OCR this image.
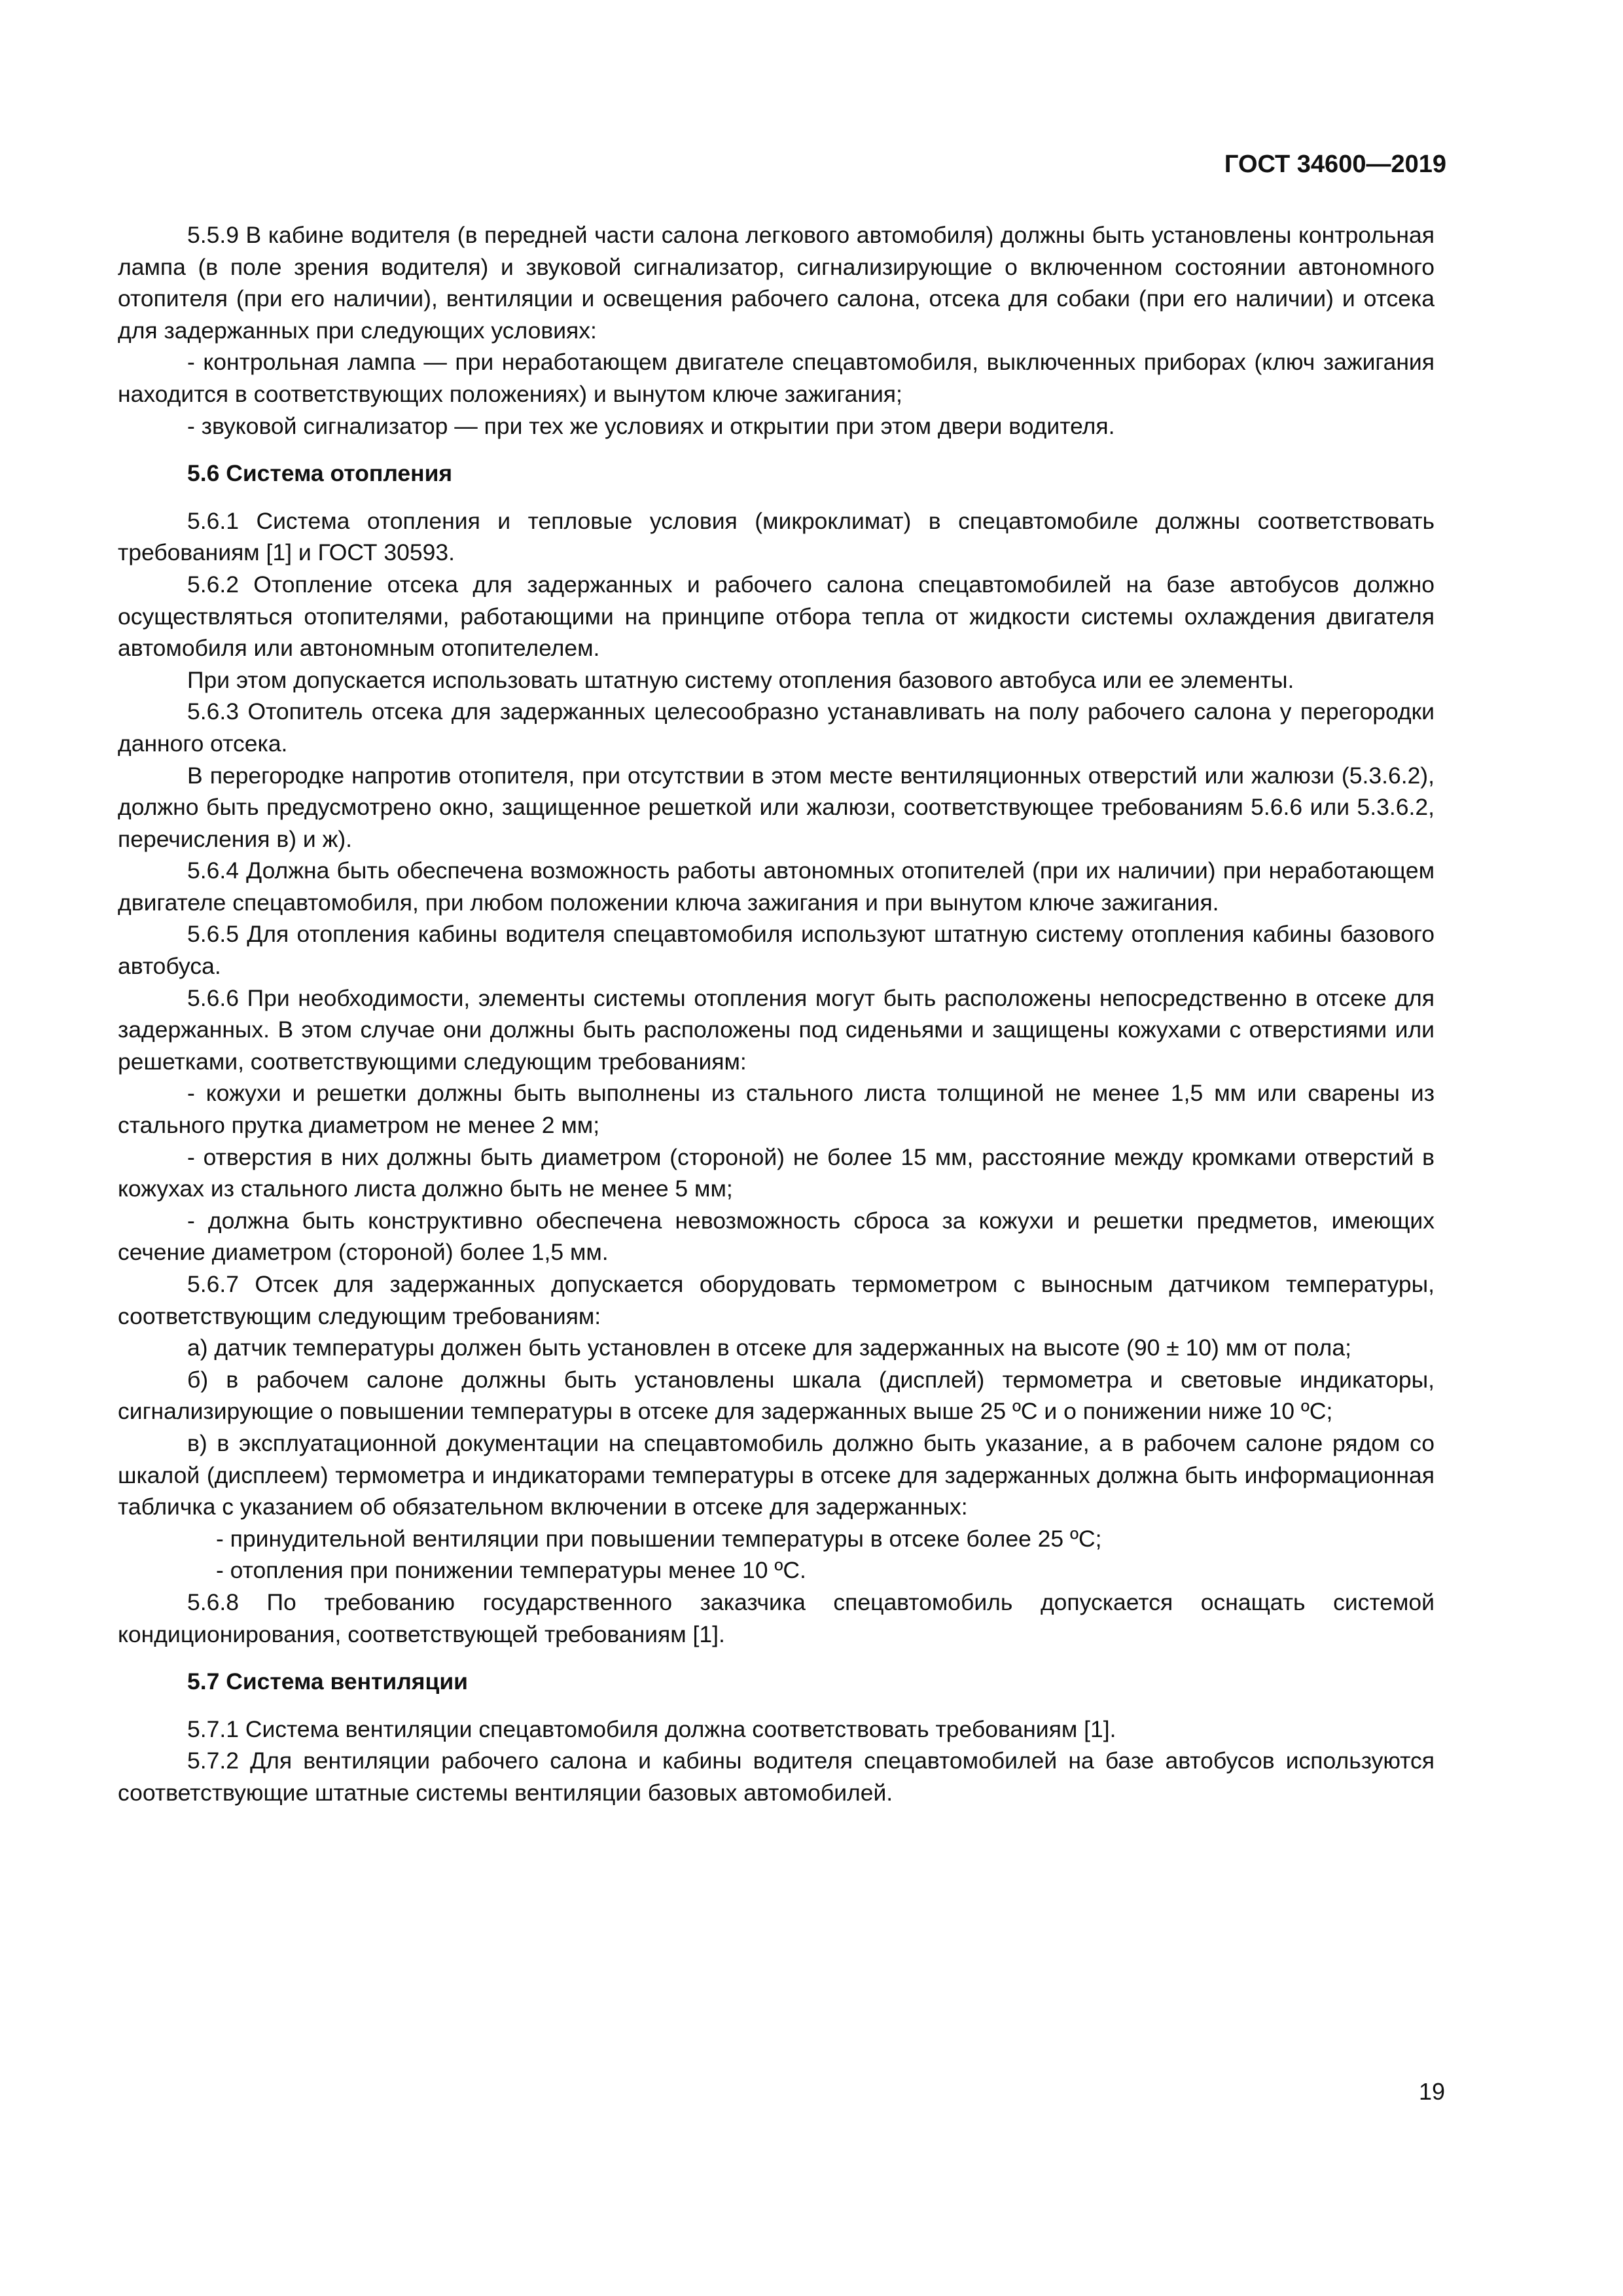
ГОСТ 34600—2019

5.5.9 В кабине водителя (в передней части салона легкового автомобиля) должны быть установлены контрольная лампа (в поле зрения водителя) и звуковой сигнализатор, сигнализирующие о включенном состоянии автономного отопителя (при его наличии), вентиляции и освещения рабочего салона, отсека для собаки (при его наличии) и отсека для задержанных при следующих условиях:

- контрольная лампа — при неработающем двигателе спецавтомобиля, выключенных приборах (ключ зажигания находится в соответствующих положениях) и вынутом ключе зажигания;

- звуковой сигнализатор — при тех же условиях и открытии при этом двери водителя.

5.6 Система отопления

5.6.1 Система отопления и тепловые условия (микроклимат) в спецавтомобиле должны соответствовать требованиям [1] и ГОСТ 30593.

5.6.2 Отопление отсека для задержанных и рабочего салона спецавтомобилей на базе автобусов должно осуществляться отопителями, работающими на принципе отбора тепла от жидкости системы охлаждения двигателя автомобиля или автономным отопителелем.

При этом допускается использовать штатную систему отопления базового автобуса или ее элементы.

5.6.3 Отопитель отсека для задержанных целесообразно устанавливать на полу рабочего салона у перегородки данного отсека.

В перегородке напротив отопителя, при отсутствии в этом месте вентиляционных отверстий или жалюзи (5.3.6.2), должно быть предусмотрено окно, защищенное решеткой или жалюзи, соответствующее требованиям 5.6.6 или 5.3.6.2, перечисления в) и ж).

5.6.4 Должна быть обеспечена возможность работы автономных отопителей (при их наличии) при неработающем двигателе спецавтомобиля, при любом положении ключа зажигания и при вынутом ключе зажигания.

5.6.5 Для отопления кабины водителя спецавтомобиля используют штатную систему отопления кабины базового автобуса.

5.6.6 При необходимости, элементы системы отопления могут быть расположены непосредственно в отсеке для задержанных. В этом случае они должны быть расположены под сиденьями и защищены кожухами с отверстиями или решетками, соответствующими следующим требованиям:

- кожухи и решетки должны быть выполнены из стального листа толщиной не менее 1,5 мм или сварены из стального прутка диаметром не менее 2 мм;

- отверстия в них должны быть диаметром (стороной) не более 15 мм, расстояние между кромками отверстий в кожухах из стального листа должно быть не менее 5 мм;

- должна быть конструктивно обеспечена невозможность сброса за кожухи и решетки предметов, имеющих сечение диаметром (стороной) более 1,5 мм.

5.6.7 Отсек для задержанных допускается оборудовать термометром с выносным датчиком температуры, соответствующим следующим требованиям:

а) датчик температуры должен быть установлен в отсеке для задержанных на высоте (90 ± 10) мм от пола;

б) в рабочем салоне должны быть установлены шкала (дисплей) термометра и световые индикаторы, сигнализирующие о повышении температуры в отсеке для задержанных выше 25 ºС и о понижении ниже 10 ºС;

в) в эксплуатационной документации на спецавтомобиль должно быть указание, а в рабочем салоне рядом со шкалой (дисплеем) термометра и индикаторами температуры в отсеке для задержанных должна быть информационная табличка с указанием об обязательном включении в отсеке для задержанных:

- принудительной вентиляции при повышении температуры в отсеке более 25 ºС;

- отопления при понижении температуры менее 10 ºС.

5.6.8 По требованию государственного заказчика спецавтомобиль допускается оснащать системой кондиционирования, соответствующей требованиям [1].

5.7 Система вентиляции

5.7.1 Система вентиляции спецавтомобиля должна соответствовать требованиям [1].

5.7.2 Для вентиляции рабочего салона и кабины водителя спецавтомобилей на базе автобусов используются соответствующие штатные системы вентиляции базовых автомобилей.

19
